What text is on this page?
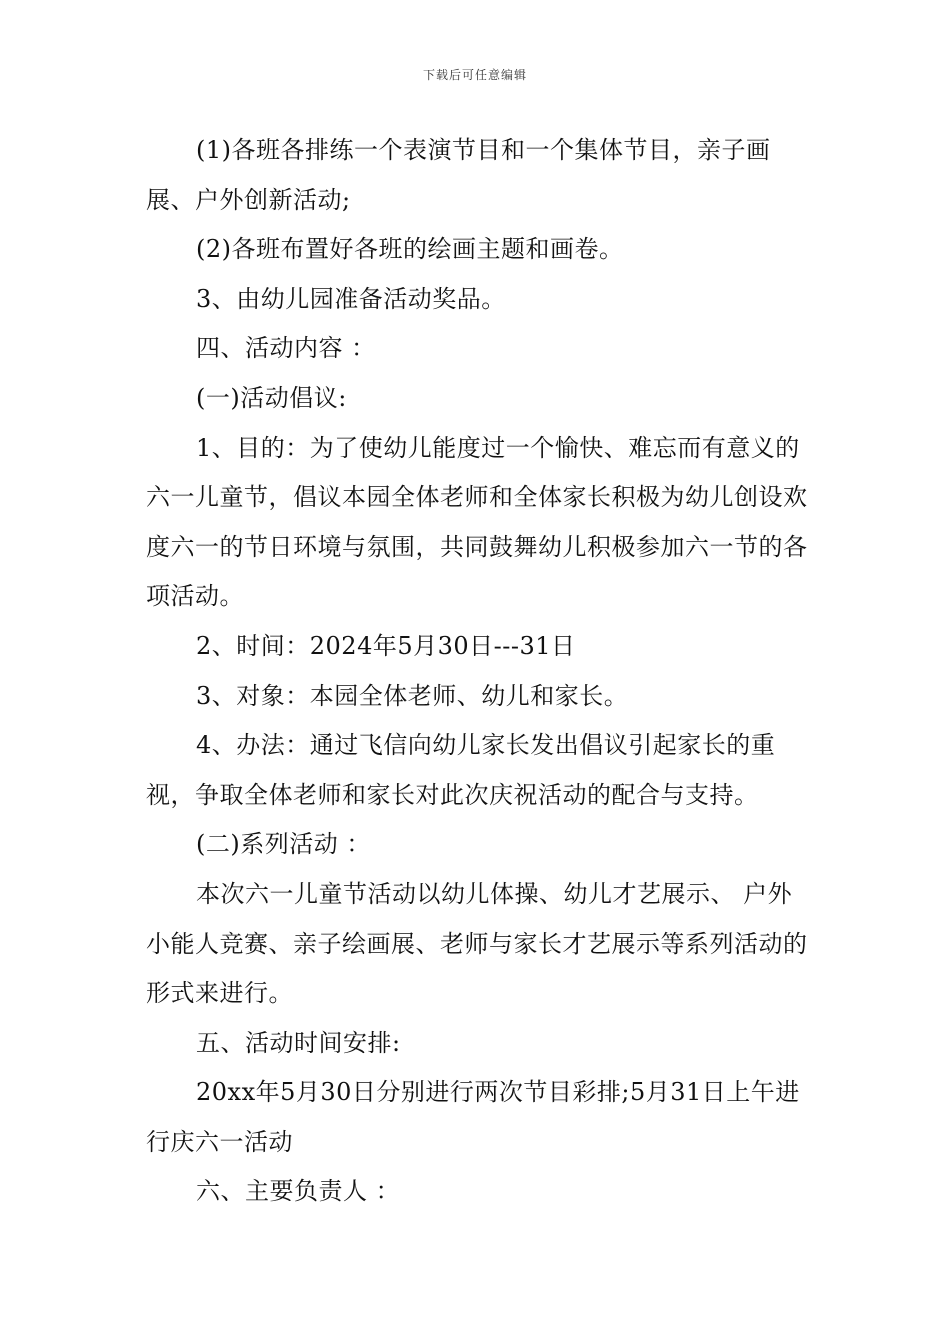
下载后可任意编辑

(1)各班各排练一个表演节目和一个集体节目，亲子画展、户外创新活动;

(2)各班布置好各班的绘画主题和画卷。

3、由幼儿园准备活动奖品。

四、活动内容 ：

(一)活动倡议:

1、目的：为了使幼儿能度过一个愉快、难忘而有意义的六一儿童节，倡议本园全体老师和全体家长积极为幼儿创设欢度六一的节日环境与氛围，共同鼓舞幼儿积极参加六一节的各项活动。

2、时间：2024年5月30日---31日

3、对象：本园全体老师、幼儿和家长。

4、办法：通过飞信向幼儿家长发出倡议引起家长的重视，争取全体老师和家长对此次庆祝活动的配合与支持。

(二)系列活动 ：

本次六一儿童节活动以幼儿体操、幼儿才艺展示、 户外小能人竞赛、亲子绘画展、老师与家长才艺展示等系列活动的形式来进行。

五、活动时间安排:

20xx年5月30日分别进行两次节目彩排;5月31日上午进行庆六一活动

六、主要负责人 ：
